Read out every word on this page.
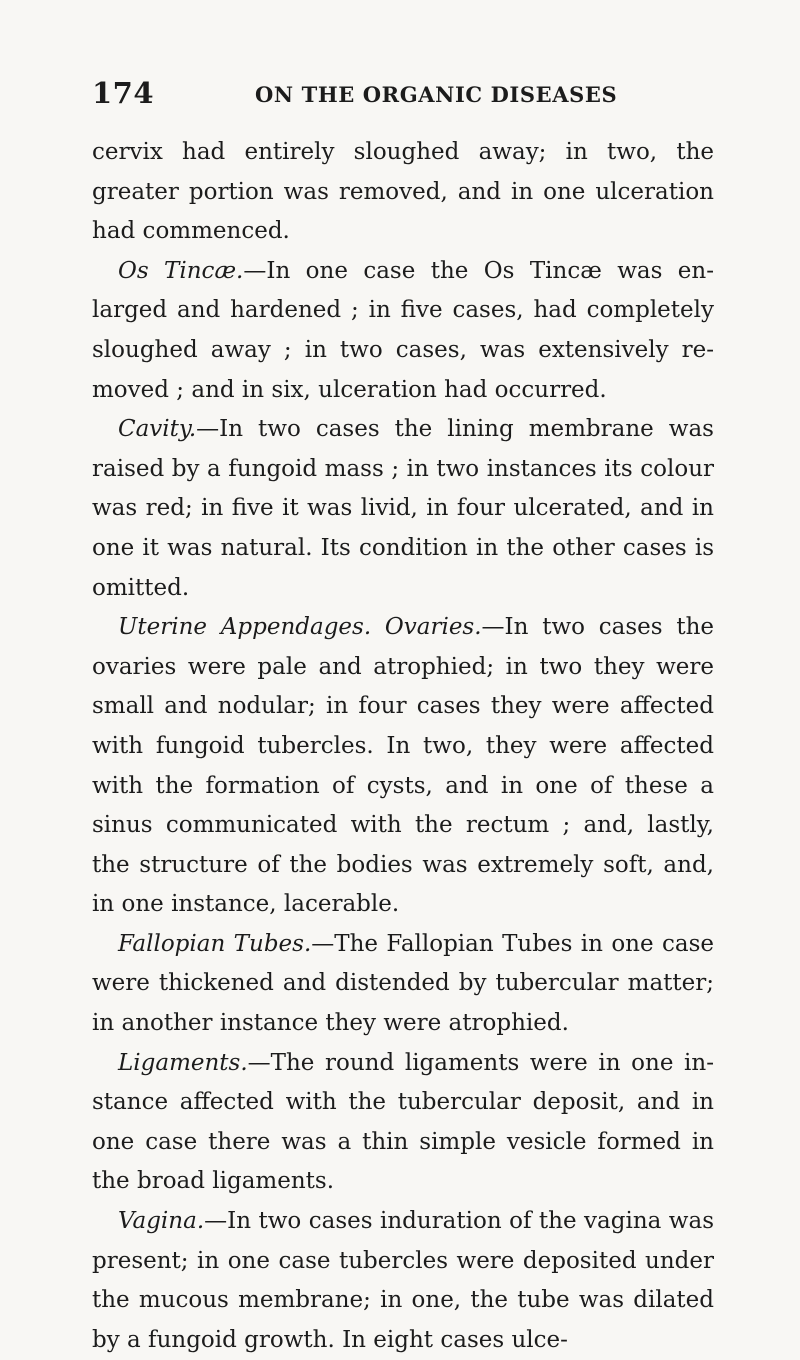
174	ON THE ORGANIC DISEASES

cervix had entirely sloughed away; in two, the greater portion was removed, and in one ulceration had commenced.

Os Tincæ.—In one case the Os Tincæ was en-larged and hardened ; in five cases, had completely sloughed away ; in two cases, was extensively re-moved ; and in six, ulceration had occurred.

Cavity.—In two cases the lining membrane was raised by a fungoid mass ; in two instances its colour was red; in five it was livid, in four ulcerated, and in one it was natural. Its condition in the other cases is omitted.

Uterine Appendages. Ovaries.—In two cases the ovaries were pale and atrophied; in two they were small and nodular; in four cases they were affected with fungoid tubercles. In two, they were affected with the formation of cysts, and in one of these a sinus communicated with the rectum ; and, lastly, the structure of the bodies was extremely soft, and, in one instance, lacerable.

Fallopian Tubes.—The Fallopian Tubes in one case were thickened and distended by tubercular matter; in another instance they were atrophied.

Ligaments.—The round ligaments were in one in-stance affected with the tubercular deposit, and in one case there was a thin simple vesicle formed in the broad ligaments.

Vagina.—In two cases induration of the vagina was present; in one case tubercles were deposited under the mucous membrane; in one, the tube was dilated by a fungoid growth. In eight cases ulce-
